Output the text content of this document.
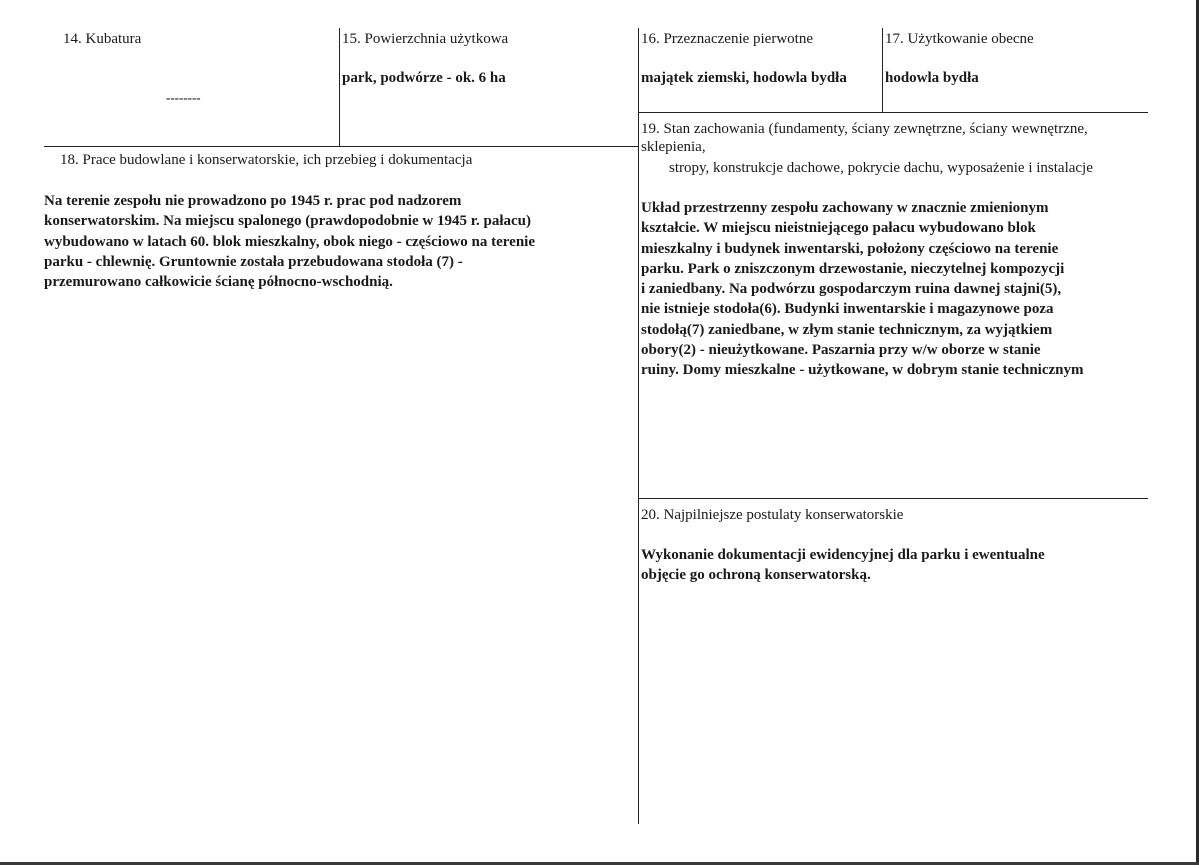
14. Kubatura
--------
15. Powierzchnia użytkowa
park, podwórze - ok. 6 ha
16. Przeznaczenie pierwotne
majątek ziemski, hodowla bydła
17. Użytkowanie obecne
hodowla bydła
18. Prace budowlane i konserwatorskie, ich przebieg i dokumentacja
Na terenie zespołu nie prowadzono po 1945 r. prac pod nadzorem
konserwatorskim. Na miejscu spalonego (prawdopodobnie w 1945 r. pałacu)
wybudowano w latach 60. blok mieszkalny, obok niego - częściowo na terenie
parku - chlewnię. Gruntownie została przebudowana stodoła (7) -
przemurowano całkowicie ścianę północno-wschodnią.
19. Stan zachowania (fundamenty, ściany zewnętrzne, ściany wewnętrzne,
sklepienia,
stropy, konstrukcje dachowe, pokrycie dachu, wyposażenie i instalacje
Układ przestrzenny zespołu zachowany w znacznie zmienionym
kształcie. W miejscu nieistniejącego pałacu wybudowano blok
mieszkalny i budynek inwentarski, położony częściowo na terenie
parku. Park o zniszczonym drzewostanie, nieczytelnej kompozycji
i zaniedbany. Na podwórzu gospodarczym ruina dawnej stajni(5),
nie istnieje stodoła(6). Budynki inwentarskie i magazynowe poza
stodołą(7) zaniedbane, w złym stanie technicznym, za wyjątkiem
obory(2) - nieużytkowane. Paszarnia przy w/w oborze w stanie
ruiny. Domy mieszkalne - użytkowane, w dobrym stanie technicznym
20. Najpilniejsze postulaty konserwatorskie
Wykonanie dokumentacji ewidencyjnej dla parku i ewentualne
objęcie go ochroną konserwatorską.
